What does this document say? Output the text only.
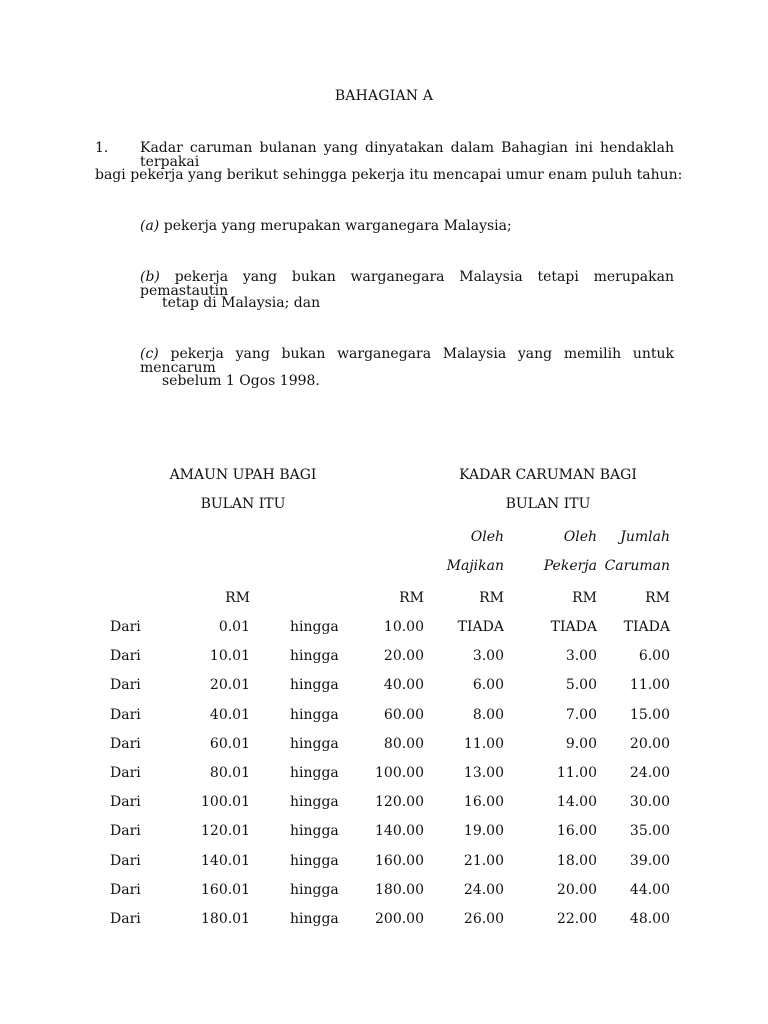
BAHAGIAN A
1. Kadar caruman bulanan yang dinyatakan dalam Bahagian ini hendaklah terpakai
bagi pekerja yang berikut sehingga pekerja itu mencapai umur enam puluh tahun:
(a) pekerja yang merupakan warganegara Malaysia;
(b) pekerja yang bukan warganegara Malaysia tetapi merupakan pemastautin
tetap di Malaysia; dan
(c) pekerja yang bukan warganegara Malaysia yang memilih untuk mencarum
sebelum 1 Ogos 1998.
AMAUN UPAH BAGI
BULAN ITU
KADAR CARUMAN BAGI
BULAN ITU
Oleh
Majikan
Oleh
Pekerja
Jumlah
Caruman
RM	RM	RM	RM	RM
Dari	0.01	hingga	10.00	TIADA	TIADA	TIADA
Dari	10.01	hingga	20.00	3.00	3.00	6.00
Dari	20.01	hingga	40.00	6.00	5.00	11.00
Dari	40.01	hingga	60.00	8.00	7.00	15.00
Dari	60.01	hingga	80.00	11.00	9.00	20.00
Dari	80.01	hingga	100.00	13.00	11.00	24.00
Dari	100.01	hingga	120.00	16.00	14.00	30.00
Dari	120.01	hingga	140.00	19.00	16.00	35.00
Dari	140.01	hingga	160.00	21.00	18.00	39.00
Dari	160.01	hingga	180.00	24.00	20.00	44.00
Dari	180.01	hingga	200.00	26.00	22.00	48.00
